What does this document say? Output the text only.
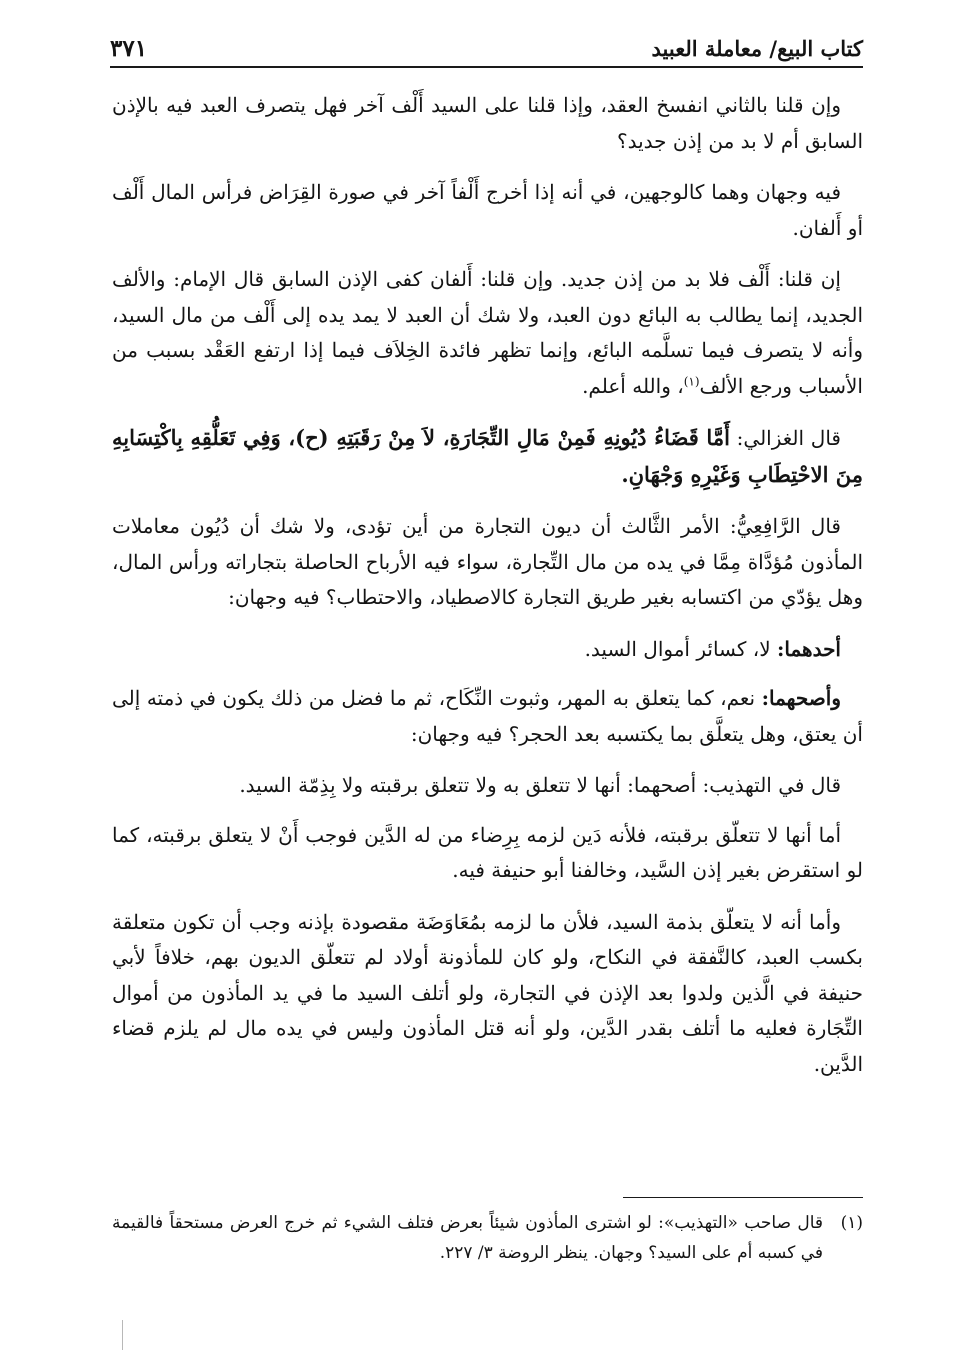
كتاب البيع/ معاملة العبيد
٣٧١

وإن قلنا بالثاني انفسخ العقد، وإذا قلنا على السيد أَلْف آخر فهل يتصرف العبد فيه بالإذن السابق أم لا بد من إذن جديد؟

فيه وجهان وهما كالوجهين، في أنه إذا أخرج أَلْفاً آخر في صورة القِرَاض فرأس المال أَلْف أو أَلفان.

إن قلنا: أَلْف فلا بد من إذن جديد. وإن قلنا: أَلفان كفى الإذن السابق قال الإمام: والألف الجديد، إنما يطالب به البائع دون العبد، ولا شك أن العبد لا يمد يده إلى أَلْف من مال السيد، وأنه لا يتصرف فيما تسلَّمه البائع، وإنما تظهر فائدة الخِلاَف فيما إذا ارتفع العَقْد بسبب من الأسباب ورجع الألف$^{(١)}$، والله أعلم.

قال الغزالي: أَمَّا قَضَاءُ دُيُونِهِ فَمِنْ مَالِ التِّجَارَةِ، لاَ مِنْ رَقَبَتِهِ (ح)، وَفِي تَعَلُّقِهِ بِاكْتِسَابِهِ مِنَ الاحْتِطَابِ وَغَيْرِهِ وَجْهَانِ.

قال الرَّافِعِيُّ: الأمر الثَّالث أن ديون التجارة من أين تؤدى، ولا شك أن دُيُون معاملات المأذون مُؤدَّاة مِمَّا في يده من مال التِّجارة، سواء فيه الأرباح الحاصلة بتجاراته ورأس المال، وهل يؤدّي من اكتسابه بغير طريق التجارة كالاصطياد، والاحتطاب؟ فيه وجهان:

أحدهما: لا، كسائر أموال السيد.

وأصحهما: نعم، كما يتعلق به المهر، وثبوت النِّكَاح، ثم ما فضل من ذلك يكون في ذمته إلى أن يعتق، وهل يتعلَّق بما يكتسبه بعد الحجر؟ فيه وجهان:

قال في التهذيب: أصحهما: أنها لا تتعلق به ولا تتعلق برقبته ولا بِذِمّة السيد.

أما أنها لا تتعلّق برقبته، فلأنه دَين لزمه بِرِضاء من له الدَّين فوجب أَنْ لا يتعلق برقبته، كما لو استقرض بغير إذن السَّيد، وخالفنا أبو حنيفة فيه.

وأما أنه لا يتعلّق بذمة السيد، فلأن ما لزمه بمُعَاوَضَة مقصودة بإذنه وجب أن تكون متعلقة بكسب العبد، كالنَّفقة في النكاح، ولو كان للمأذونة أولاد لم تتعلّق الديون بهم، خلافاً لأبي حنيفة في الَّذين ولدوا بعد الإذن في التجارة، ولو أتلف السيد ما في يد المأذون من أموال التِّجَارة فعليه ما أتلف بقدر الدَّين، ولو أنه قتل المأذون وليس في يده مال لم يلزم قضاء الدَّين.

(١)
قال صاحب «التهذيب»: لو اشترى المأذون شيئاً بعرض فتلف الشيء ثم خرج العرض مستحقاً فالقيمة في كسبه أم على السيد؟ وجهان. ينظر الروضة ٣/ ٢٢٧.
